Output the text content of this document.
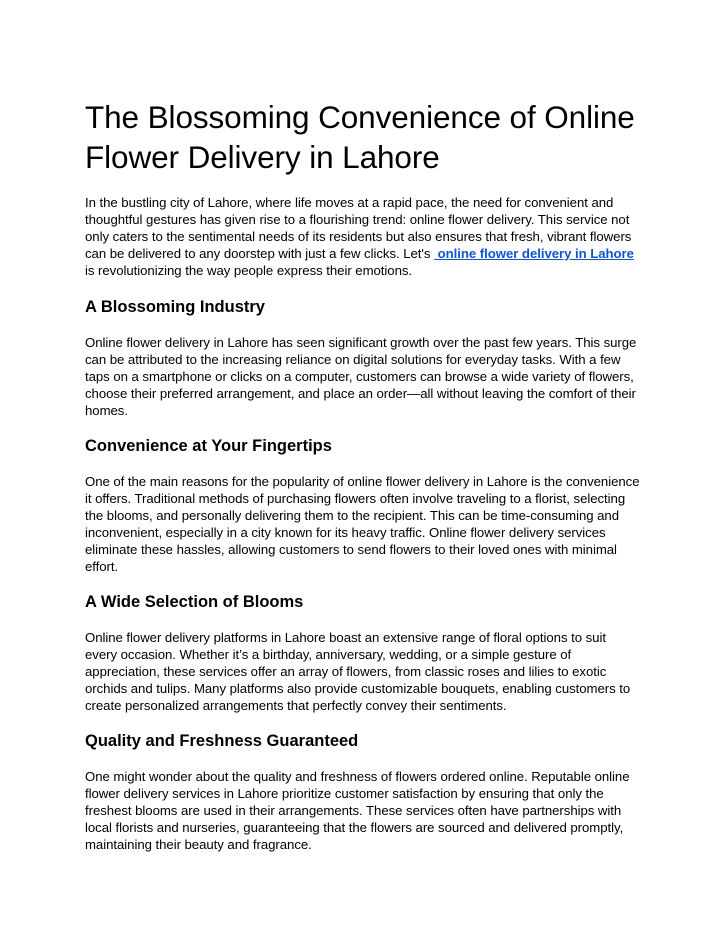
The Blossoming Convenience of Online Flower Delivery in Lahore

In the bustling city of Lahore, where life moves at a rapid pace, the need for convenient and thoughtful gestures has given rise to a flourishing trend: online flower delivery. This service not only caters to the sentimental needs of its residents but also ensures that fresh, vibrant flowers can be delivered to any doorstep with just a few clicks. Let's  online flower delivery in Lahore is revolutionizing the way people express their emotions.

A Blossoming Industry

Online flower delivery in Lahore has seen significant growth over the past few years. This surge can be attributed to the increasing reliance on digital solutions for everyday tasks. With a few taps on a smartphone or clicks on a computer, customers can browse a wide variety of flowers, choose their preferred arrangement, and place an order—all without leaving the comfort of their homes.

Convenience at Your Fingertips

One of the main reasons for the popularity of online flower delivery in Lahore is the convenience it offers. Traditional methods of purchasing flowers often involve traveling to a florist, selecting the blooms, and personally delivering them to the recipient. This can be time-consuming and inconvenient, especially in a city known for its heavy traffic. Online flower delivery services eliminate these hassles, allowing customers to send flowers to their loved ones with minimal effort.

A Wide Selection of Blooms

Online flower delivery platforms in Lahore boast an extensive range of floral options to suit every occasion. Whether it’s a birthday, anniversary, wedding, or a simple gesture of appreciation, these services offer an array of flowers, from classic roses and lilies to exotic orchids and tulips. Many platforms also provide customizable bouquets, enabling customers to create personalized arrangements that perfectly convey their sentiments.

Quality and Freshness Guaranteed

One might wonder about the quality and freshness of flowers ordered online. Reputable online flower delivery services in Lahore prioritize customer satisfaction by ensuring that only the freshest blooms are used in their arrangements. These services often have partnerships with local florists and nurseries, guaranteeing that the flowers are sourced and delivered promptly, maintaining their beauty and fragrance.
